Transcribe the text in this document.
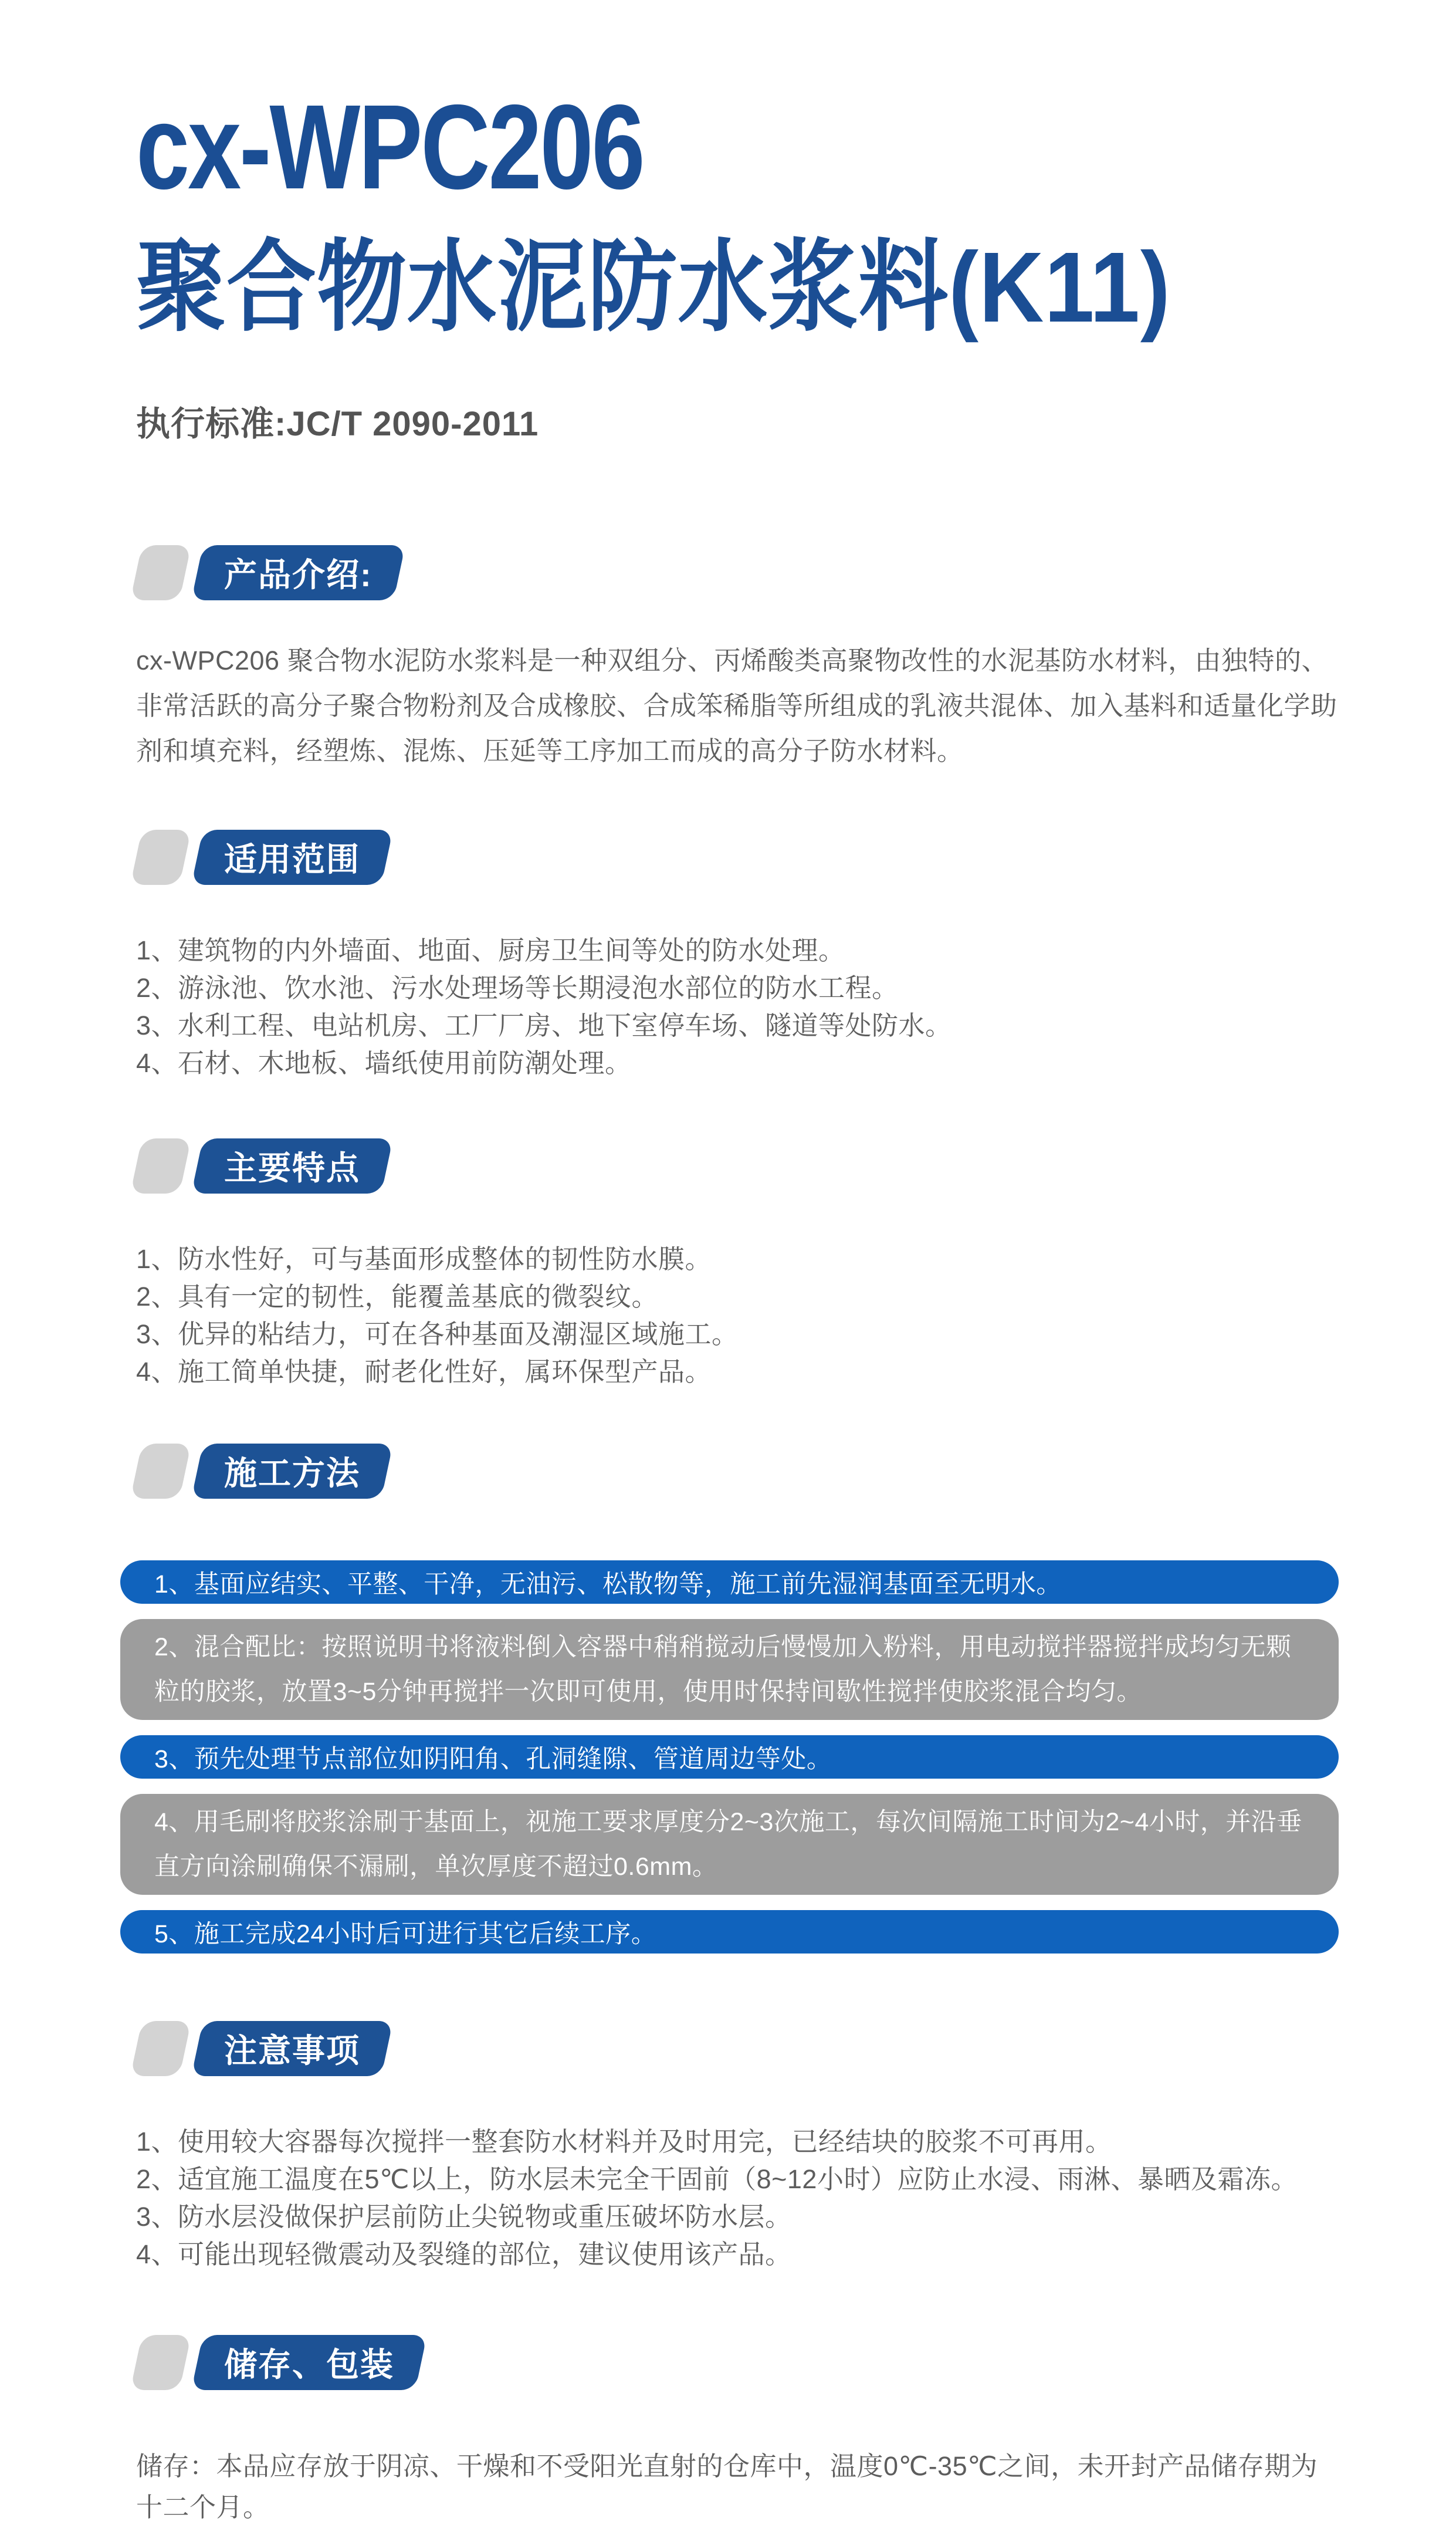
cx-WPC206
聚合物水泥防水浆料(K11)
执行标准:JC/T 2090-2011
产品介绍:
cx-WPC206 聚合物水泥防水浆料是一种双组分、丙烯酸类高聚物改性的水泥基防水材料，由独特的、非常活跃的高分子聚合物粉剂及合成橡胶、合成笨稀脂等所组成的乳液共混体、加入基料和适量化学助剂和填充料，经塑炼、混炼、压延等工序加工而成的高分子防水材料。
适用范围
1、建筑物的内外墙面、地面、厨房卫生间等处的防水处理。
2、游泳池、饮水池、污水处理场等长期浸泡水部位的防水工程。
3、水利工程、电站机房、工厂厂房、地下室停车场、隧道等处防水。
4、石材、木地板、墙纸使用前防潮处理。
主要特点
1、防水性好，可与基面形成整体的韧性防水膜。
2、具有一定的韧性，能覆盖基底的微裂纹。
3、优异的粘结力，可在各种基面及潮湿区域施工。
4、施工简单快捷，耐老化性好，属环保型产品。
施工方法
1、基面应结实、平整、干净，无油污、松散物等，施工前先湿润基面至无明水。
2、混合配比：按照说明书将液料倒入容器中稍稍搅动后慢慢加入粉料，用电动搅拌器搅拌成均匀无颗粒的胶浆，放置3~5分钟再搅拌一次即可使用，使用时保持间歇性搅拌使胶浆混合均匀。
3、预先处理节点部位如阴阳角、孔洞缝隙、管道周边等处。
4、用毛刷将胶浆涂刷于基面上，视施工要求厚度分2~3次施工，每次间隔施工时间为2~4小时，并沿垂直方向涂刷确保不漏刷，单次厚度不超过0.6mm。
5、施工完成24小时后可进行其它后续工序。
注意事项
1、使用较大容器每次搅拌一整套防水材料并及时用完，已经结块的胶浆不可再用。
2、适宜施工温度在5℃以上，防水层未完全干固前（8~12小时）应防止水浸、雨淋、暴晒及霜冻。
3、防水层没做保护层前防止尖锐物或重压破坏防水层。
4、可能出现轻微震动及裂缝的部位，建议使用该产品。
储存、包装
储存：本品应存放于阴凉、干燥和不受阳光直射的仓库中，温度0℃-35℃之间，未开封产品储存期为十二个月。
